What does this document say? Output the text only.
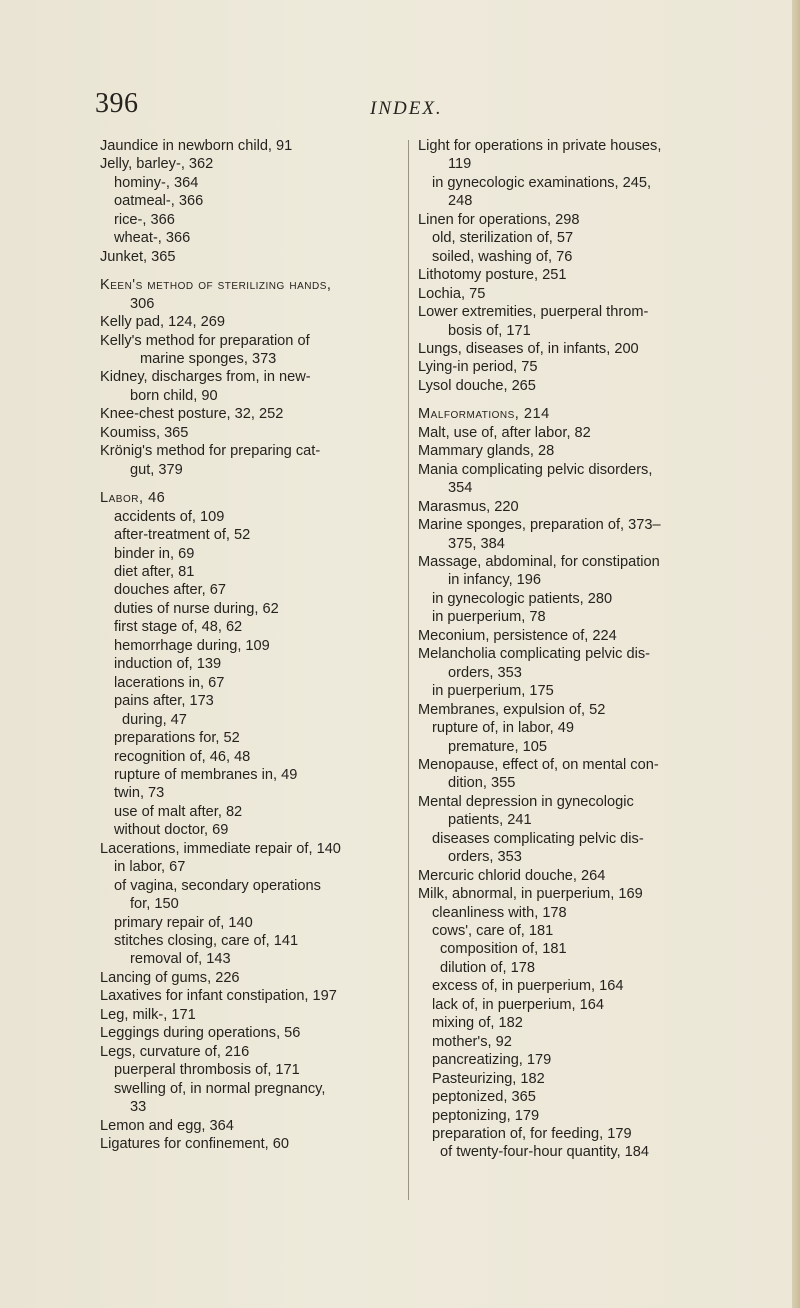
396	INDEX.
Jaundice in newborn child, 91
Jelly, barley-, 362
hominy-, 364
oatmeal-, 366
rice-, 366
wheat-, 366
Junket, 365
Keen's method of sterilizing hands,
306
Kelly pad, 124, 269
Kelly's method for preparation of
marine sponges, 373
Kidney, discharges from, in new-
born child, 90
Knee-chest posture, 32, 252
Koumiss, 365
Krönig's method for preparing cat-
gut, 379
Labor, 46
accidents of, 109
after-treatment of, 52
binder in, 69
diet after, 81
douches after, 67
duties of nurse during, 62
first stage of, 48, 62
hemorrhage during, 109
induction of, 139
lacerations in, 67
pains after, 173
during, 47
preparations for, 52
recognition of, 46, 48
rupture of membranes in, 49
twin, 73
use of malt after, 82
without doctor, 69
Lacerations, immediate repair of, 140
in labor, 67
of vagina, secondary operations
for, 150
primary repair of, 140
stitches closing, care of, 141
removal of, 143
Lancing of gums, 226
Laxatives for infant constipation, 197
Leg, milk-, 171
Leggings during operations, 56
Legs, curvature of, 216
puerperal thrombosis of, 171
swelling of, in normal pregnancy,
33
Lemon and egg, 364
Ligatures for confinement, 60
Light for operations in private houses,
119
in gynecologic examinations, 245,
248
Linen for operations, 298
old, sterilization of, 57
soiled, washing of, 76
Lithotomy posture, 251
Lochia, 75
Lower extremities, puerperal throm-
bosis of, 171
Lungs, diseases of, in infants, 200
Lying-in period, 75
Lysol douche, 265
Malformations, 214
Malt, use of, after labor, 82
Mammary glands, 28
Mania complicating pelvic disorders,
354
Marasmus, 220
Marine sponges, preparation of, 373–
375, 384
Massage, abdominal, for constipation
in infancy, 196
in gynecologic patients, 280
in puerperium, 78
Meconium, persistence of, 224
Melancholia complicating pelvic dis-
orders, 353
in puerperium, 175
Membranes, expulsion of, 52
rupture of, in labor, 49
premature, 105
Menopause, effect of, on mental con-
dition, 355
Mental depression in gynecologic
patients, 241
diseases complicating pelvic dis-
orders, 353
Mercuric chlorid douche, 264
Milk, abnormal, in puerperium, 169
cleanliness with, 178
cows', care of, 181
composition of, 181
dilution of, 178
excess of, in puerperium, 164
lack of, in puerperium, 164
mixing of, 182
mother's, 92
pancreatizing, 179
Pasteurizing, 182
peptonized, 365
peptonizing, 179
preparation of, for feeding, 179
of twenty-four-hour quantity, 184
